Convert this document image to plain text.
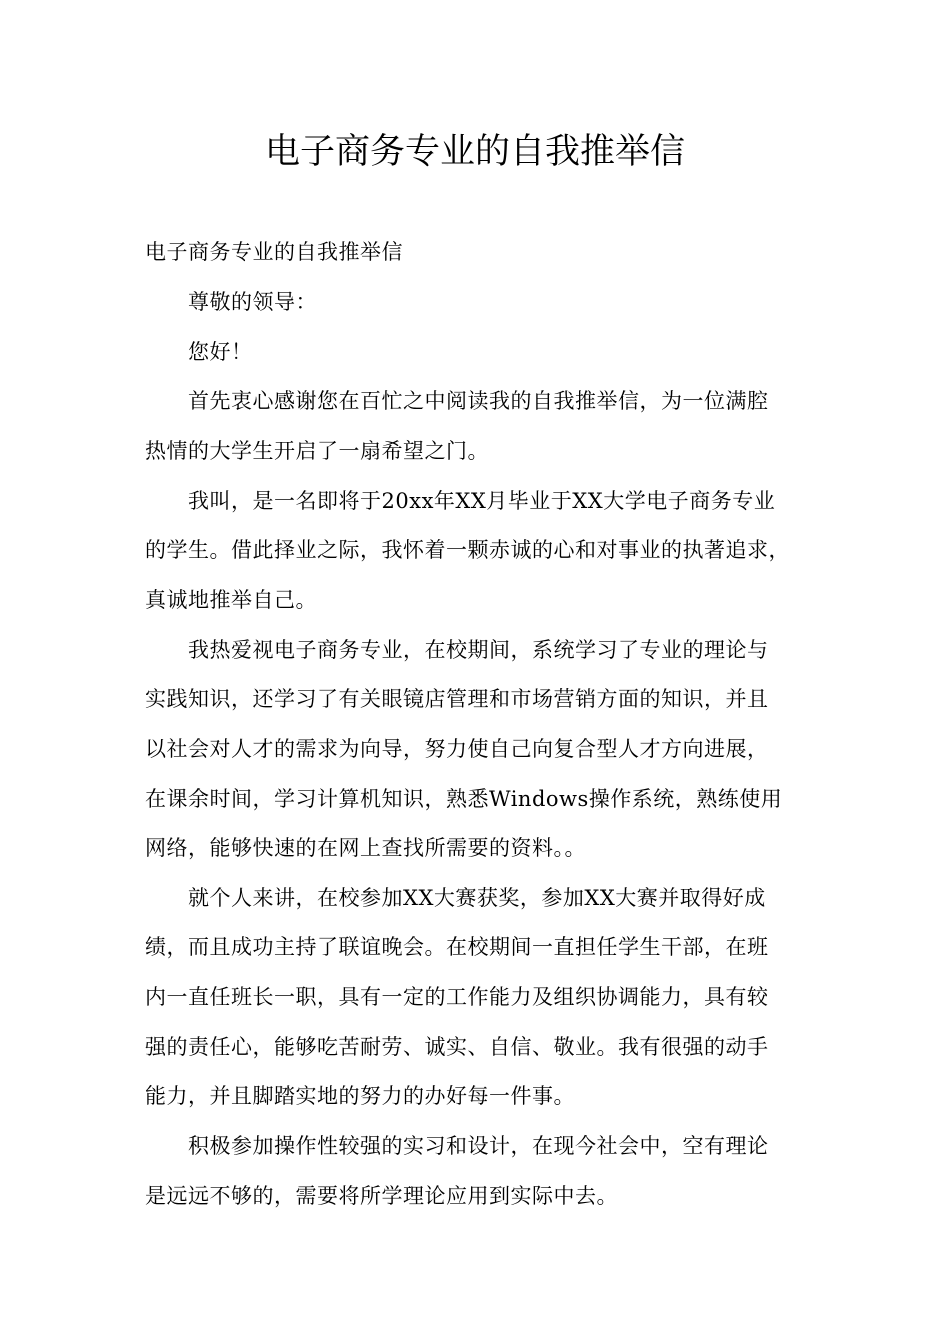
电子商务专业的自我推举信
电子商务专业的自我推举信
尊敬的领导：
您好！
首先衷心感谢您在百忙之中阅读我的自我推举信，为一位满腔
热情的大学生开启了一扇希望之门。
我叫，是一名即将于20xx年XX月毕业于XX大学电子商务专业
的学生。借此择业之际，我怀着一颗赤诚的心和对事业的执著追求，
真诚地推举自己。
我热爱视电子商务专业，在校期间，系统学习了专业的理论与
实践知识，还学习了有关眼镜店管理和市场营销方面的知识，并且
以社会对人才的需求为向导，努力使自己向复合型人才方向进展，
在课余时间，学习计算机知识，熟悉Windows操作系统，熟练使用
网络，能够快速的在网上查找所需要的资料。。
就个人来讲，在校参加XX大赛获奖，参加XX大赛并取得好成
绩，而且成功主持了联谊晚会。在校期间一直担任学生干部，在班
内一直任班长一职，具有一定的工作能力及组织协调能力，具有较
强的责任心，能够吃苦耐劳、诚实、自信、敬业。我有很强的动手
能力，并且脚踏实地的努力的办好每一件事。
积极参加操作性较强的实习和设计，在现今社会中，空有理论
是远远不够的，需要将所学理论应用到实际中去。
